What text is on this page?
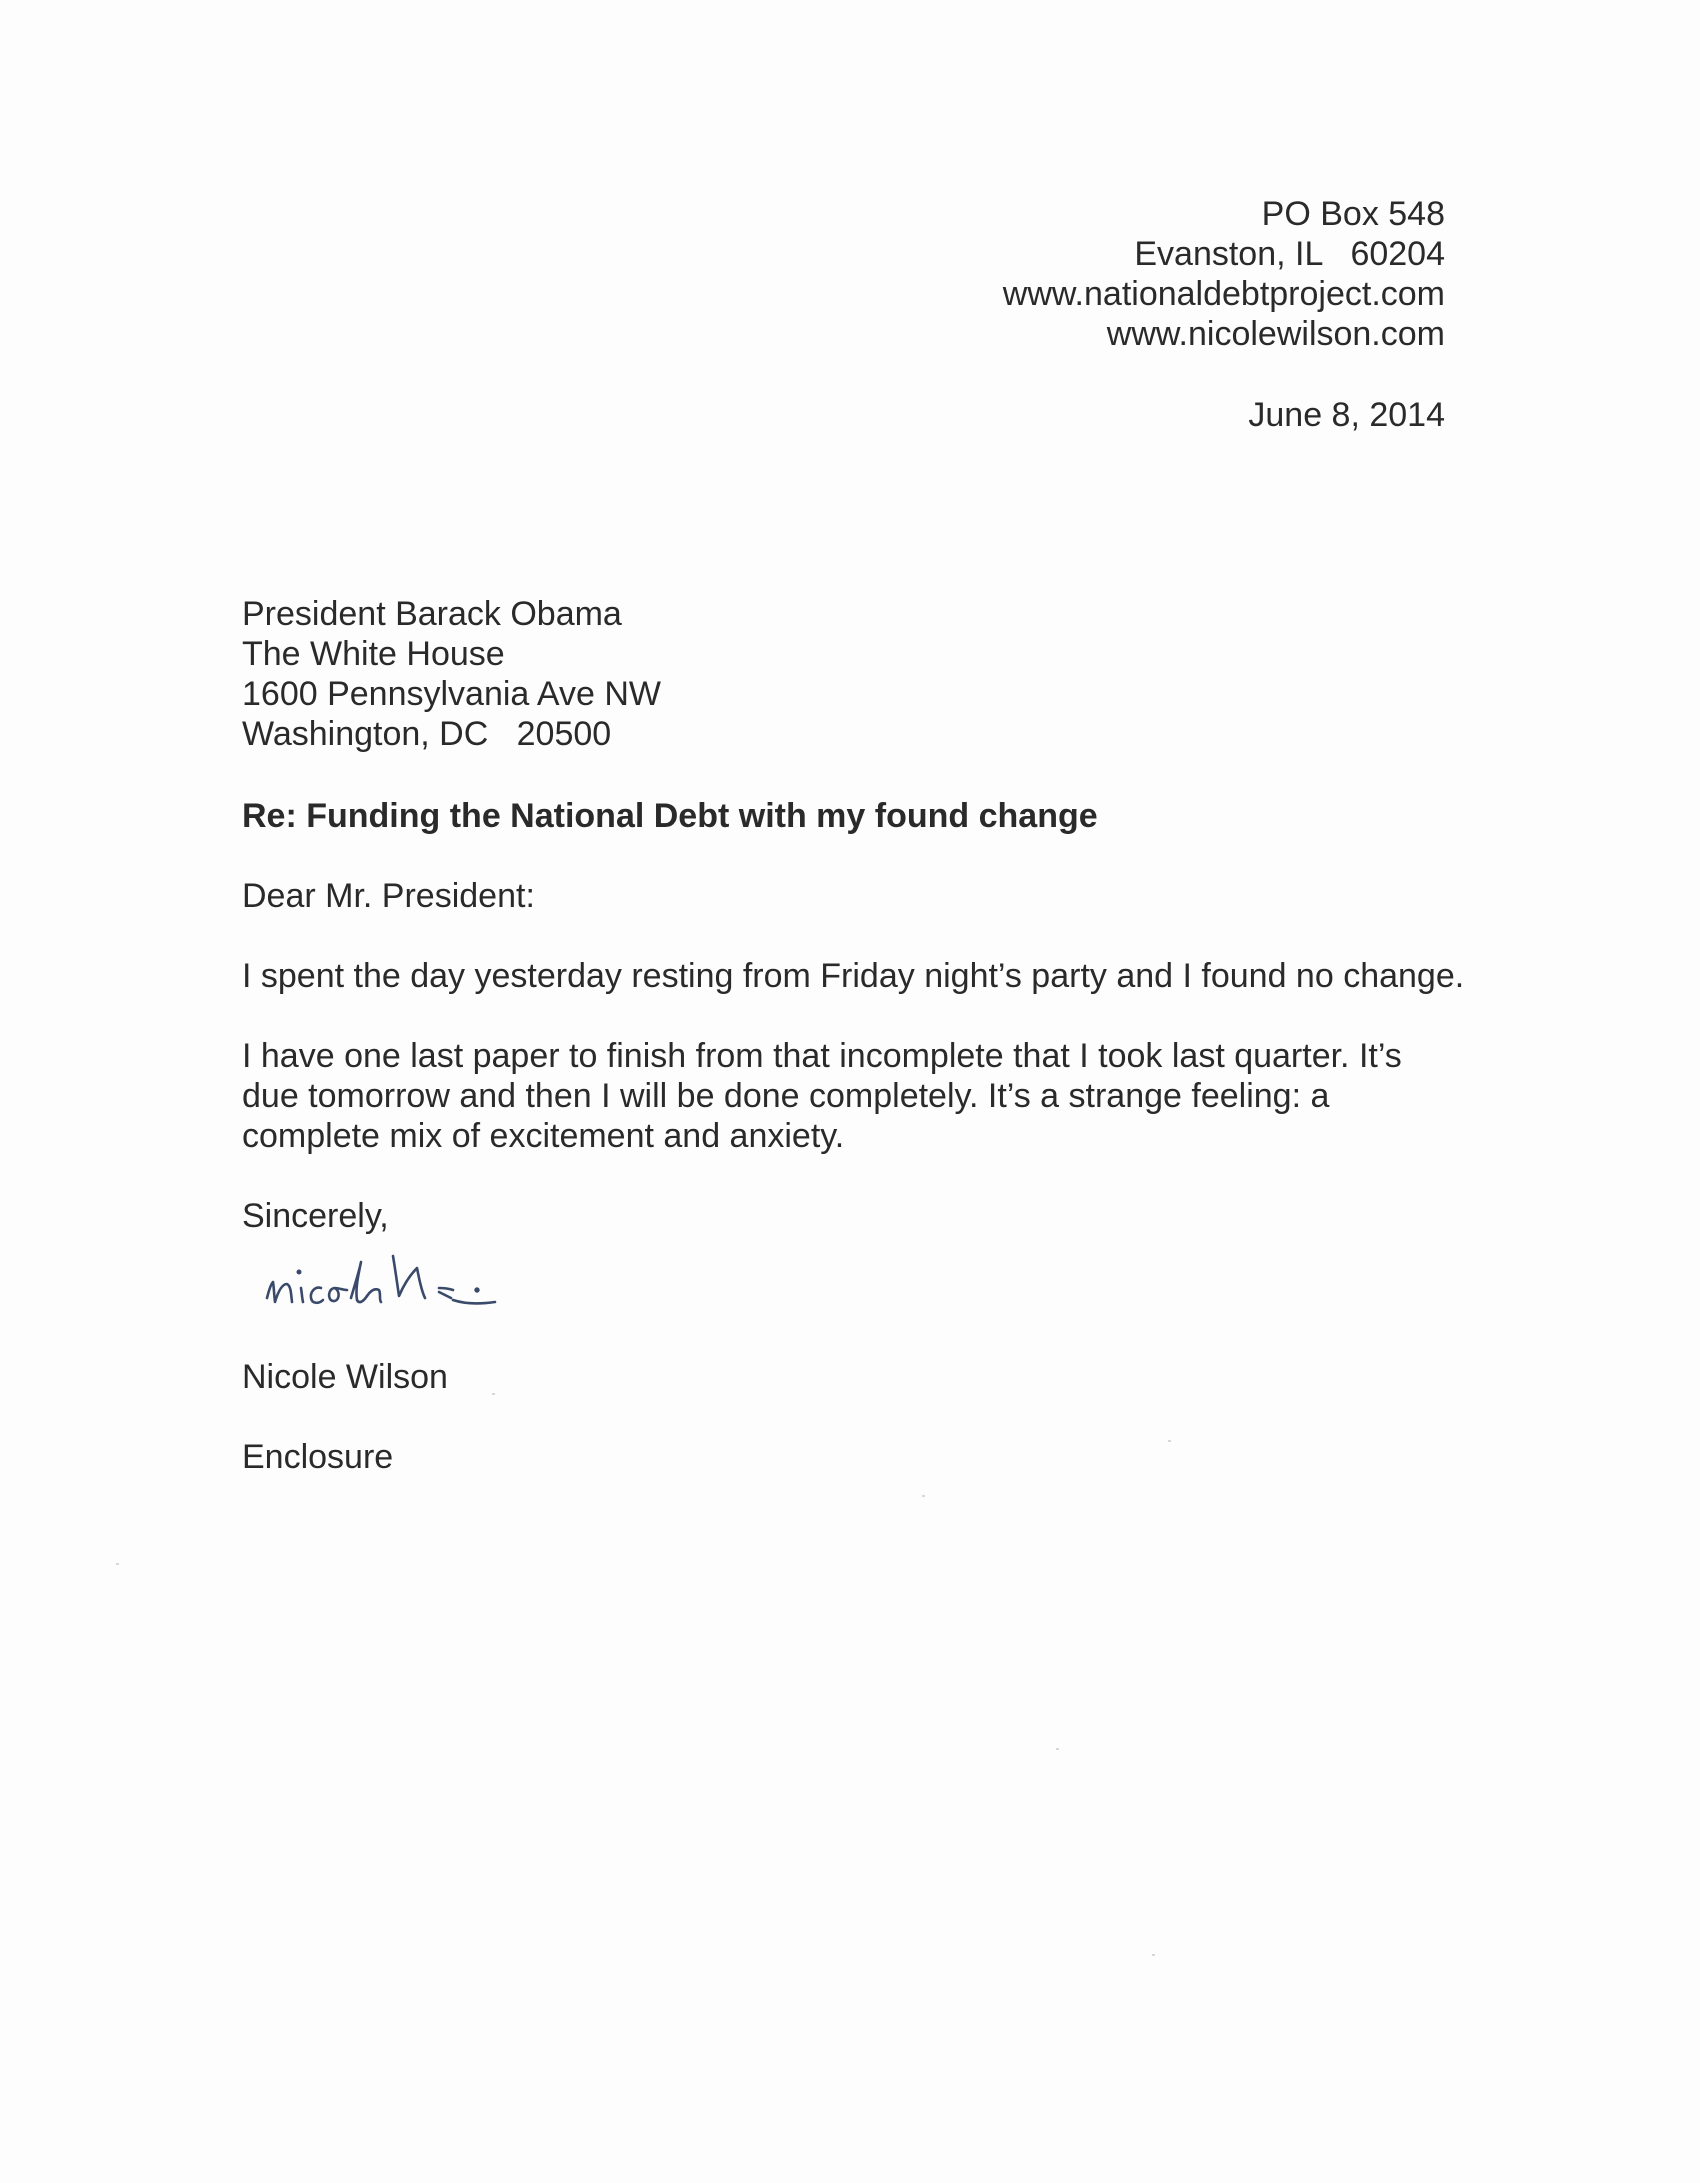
PO Box 548
Evanston, IL   60204
www.nationaldebtproject.com
www.nicolewilson.com
June 8, 2014
President Barack Obama
The White House
1600 Pennsylvania Ave NW
Washington, DC   20500
Re: Funding the National Debt with my found change
Dear Mr. President:
I spent the day yesterday resting from Friday night’s party and I found no change.
I have one last paper to finish from that incomplete that I took last quarter. It’s
due tomorrow and then I will be done completely. It’s a strange feeling: a
complete mix of excitement and anxiety.
Sincerely,
Nicole Wilson
Enclosure
